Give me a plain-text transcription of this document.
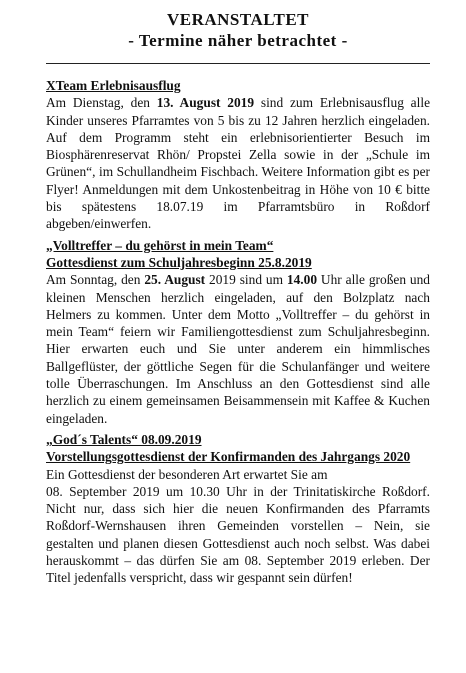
VERANSTALTET
- Termine näher betrachtet -
XTeam Erlebnisausflug

Am Dienstag, den 13. August 2019 sind zum Erlebnisausflug alle Kinder unseres Pfarramtes von 5 bis zu 12 Jahren herzlich eingeladen. Auf dem Programm steht ein erlebnisorientierter Besuch im Biosphärenreservat Rhön/ Propstei Zella sowie in der „Schule im Grünen“, im Schullandheim Fischbach. Weitere Information gibt es per Flyer! Anmeldungen mit dem Unkostenbeitrag in Höhe von 10 € bitte bis spätestens 18.07.19 im Pfarramtsbüro in Roßdorf abgeben/einwerfen.

„Volltreffer – du gehörst in mein Team“
Gottesdienst zum Schuljahresbeginn 25.8.2019

Am Sonntag, den 25. August 2019 sind um 14.00 Uhr alle großen und kleinen Menschen herzlich eingeladen, auf den Bolzplatz nach Helmers zu kommen. Unter dem Motto „Volltreffer – du gehörst in mein Team“ feiern wir Familiengottesdienst zum Schuljahresbeginn. Hier erwarten euch und Sie unter anderem ein himmlisches Ballgeflüster, der göttliche Segen für die Schulanfänger und weitere tolle Überraschungen. Im Anschluss an den Gottesdienst sind alle herzlich zu einem gemeinsamen Beisammensein mit Kaffee & Kuchen eingeladen.

„God´s Talents“ 08.09.2019
Vorstellungsgottesdienst der Konfirmanden des Jahrgangs 2020

Ein Gottesdienst der besonderen Art erwartet Sie am

08. September 2019 um 10.30 Uhr in der Trinitatiskirche Roßdorf. Nicht nur, dass sich hier die neuen Konfirmanden des Pfarramts Roßdorf-Wernshausen ihren Gemeinden vorstellen – Nein, sie gestalten und planen diesen Gottesdienst auch noch selbst. Was dabei herauskommt – das dürfen Sie am 08. September 2019 erleben. Der Titel jedenfalls verspricht, dass wir gespannt sein dürfen!
